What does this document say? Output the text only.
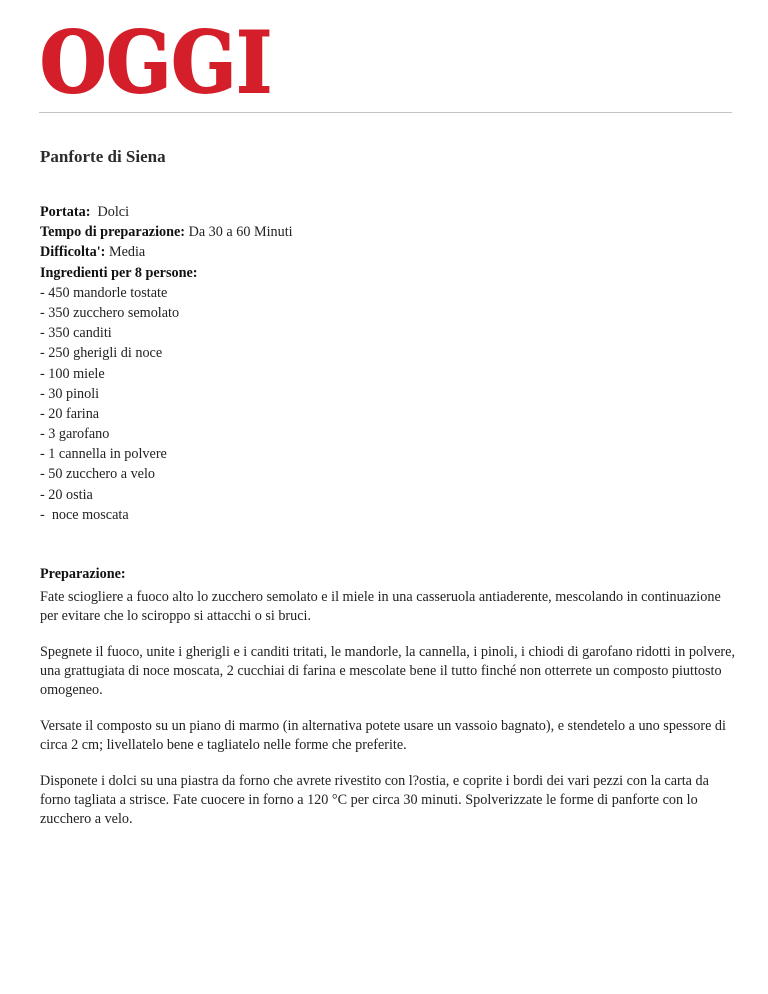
OGGI
Panforte di Siena
Portata: Dolci
Tempo di preparazione: Da 30 a 60 Minuti
Difficolta': Media
Ingredienti per 8 persone:
- 450 mandorle tostate
- 350 zucchero semolato
- 350 canditi
- 250 gherigli di noce
- 100 miele
- 30 pinoli
- 20 farina
- 3 garofano
- 1 cannella in polvere
- 50 zucchero a velo
- 20 ostia
-  noce moscata
Preparazione:

Fate sciogliere a fuoco alto lo zucchero semolato e il miele in una casseruola antiaderente, mescolando in continuazione per evitare che lo sciroppo si attacchi o si bruci.

Spegnete il fuoco, unite i gherigli e i canditi tritati, le mandorle, la cannella, i pinoli, i chiodi di garofano ridotti in polvere, una grattugiata di noce moscata, 2 cucchiai di farina e mescolate bene il tutto finché non otterrete un composto piuttosto omogeneo.

Versate il composto su un piano di marmo (in alternativa potete usare un vassoio bagnato), e stendetelo a uno spessore di circa 2 cm; livellatelo bene e tagliatelo nelle forme che preferite.

Disponete i dolci su una piastra da forno che avrete rivestito con l?ostia, e coprite i bordi dei vari pezzi con la carta da forno tagliata a strisce. Fate cuocere in forno a 120 °C per circa 30 minuti. Spolverizzate le forme di panforte con lo zucchero a velo.
